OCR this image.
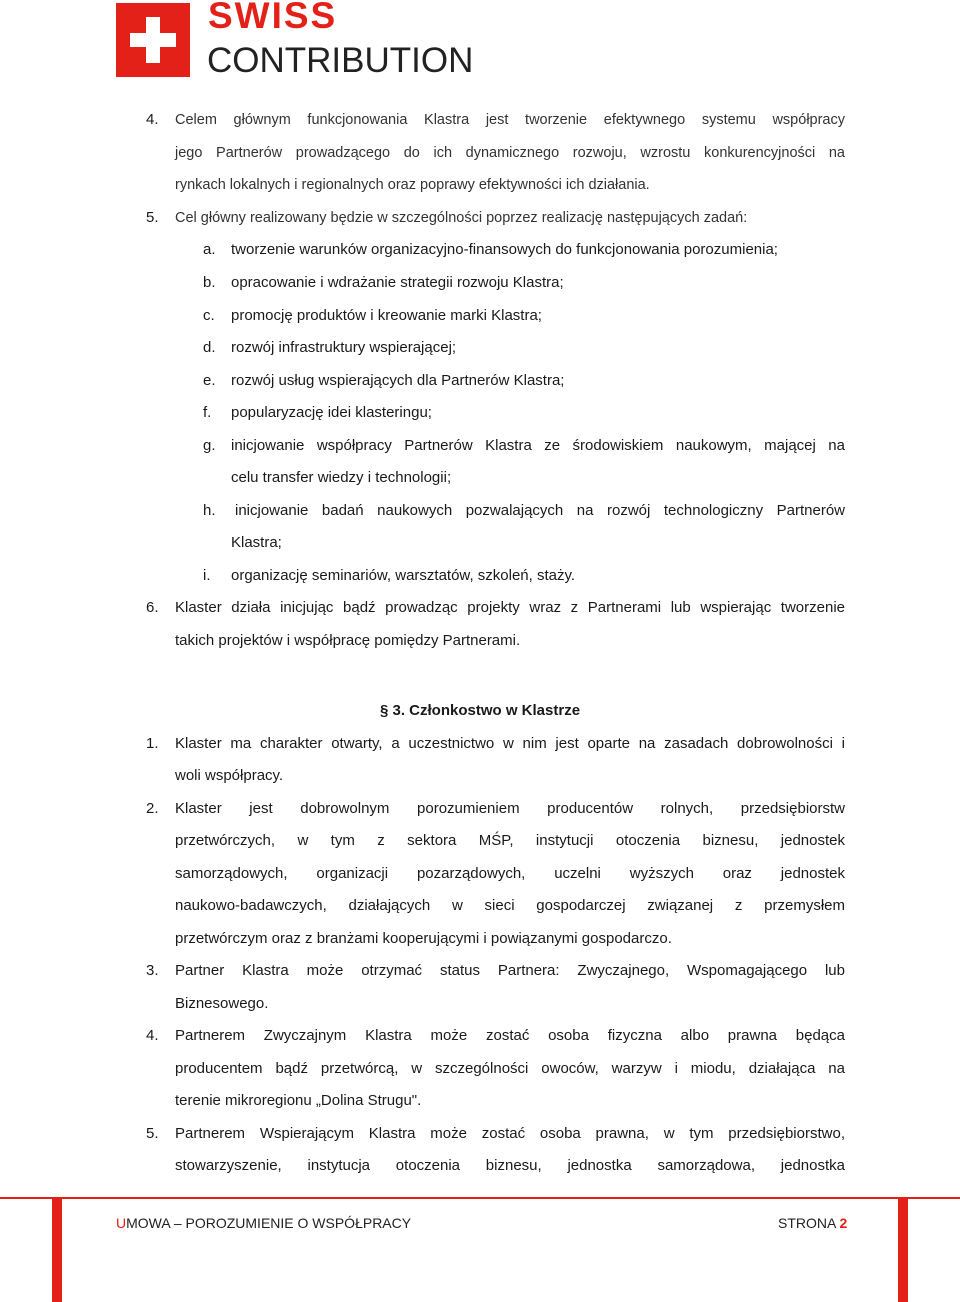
SWISS
CONTRIBUTION
4. Celem głównym funkcjonowania Klastra jest tworzenie efektywnego systemu współpracy
jego Partnerów prowadzącego do ich dynamicznego rozwoju, wzrostu konkurencyjności na
rynkach lokalnych i regionalnych oraz poprawy efektywności ich działania.
5. Cel główny realizowany będzie w szczególności poprzez realizację następujących zadań:
a. tworzenie warunków organizacyjno-finansowych do funkcjonowania porozumienia;
b. opracowanie i wdrażanie strategii rozwoju Klastra;
c. promocję produktów i kreowanie marki Klastra;
d. rozwój infrastruktury wspierającej;
e. rozwój usług wspierających dla Partnerów Klastra;
f. popularyzację idei klasteringu;
g. inicjowanie współpracy Partnerów Klastra ze środowiskiem naukowym, mającej na
celu transfer wiedzy i technologii;
h. inicjowanie badań naukowych pozwalających na rozwój technologiczny Partnerów
Klastra;
i. organizację seminariów, warsztatów, szkoleń, staży.
6. Klaster działa inicjując bądź prowadząc projekty wraz z Partnerami lub wspierając tworzenie
takich projektów i współpracę pomiędzy Partnerami.
§ 3. Członkostwo w Klastrze
1. Klaster ma charakter otwarty, a uczestnictwo w nim jest oparte na zasadach dobrowolności i
woli współpracy.
2. Klaster jest dobrowolnym porozumieniem producentów rolnych, przedsiębiorstw
przetwórczych, w tym z sektora MŚP, instytucji otoczenia biznesu, jednostek
samorządowych, organizacji pozarządowych, uczelni wyższych oraz jednostek
naukowo-badawczych, działających w sieci gospodarczej związanej z przemysłem
przetwórczym oraz z branżami kooperującymi i powiązanymi gospodarczo.
3. Partner Klastra może otrzymać status Partnera: Zwyczajnego, Wspomagającego lub
Biznesowego.
4. Partnerem Zwyczajnym Klastra może zostać osoba fizyczna albo prawna będąca
producentem bądź przetwórcą, w szczególności owoców, warzyw i miodu, działająca na
terenie mikroregionu „Dolina Strugu".
5. Partnerem Wspierającym Klastra może zostać osoba prawna, w tym przedsiębiorstwo,
stowarzyszenie, instytucja otoczenia biznesu, jednostka samorządowa, jednostka
UMOWA – POROZUMIENIE O WSPÓŁPRACY	STRONA 2
